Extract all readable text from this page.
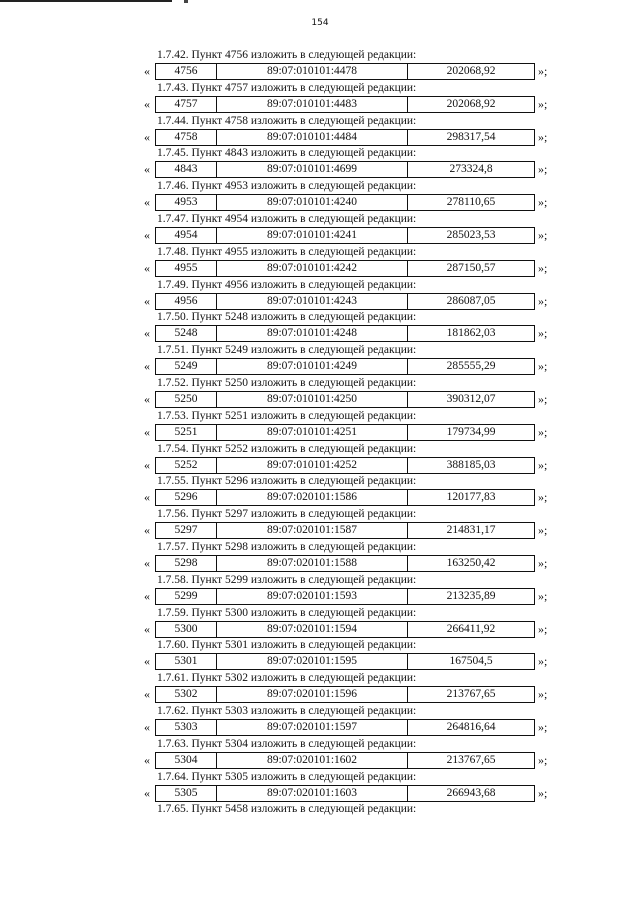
154
1.7.42. Пункт 4756 изложить в следующей редакции:
«	4756	89:07:010101:4478	202068,92	»;
1.7.43. Пункт 4757 изложить в следующей редакции:
«	4757	89:07:010101:4483	202068,92	»;
1.7.44. Пункт 4758 изложить в следующей редакции:
«	4758	89:07:010101:4484	298317,54	»;
1.7.45. Пункт 4843 изложить в следующей редакции:
«	4843	89:07:010101:4699	273324,8	»;
1.7.46. Пункт 4953 изложить в следующей редакции:
«	4953	89:07:010101:4240	278110,65	»;
1.7.47. Пункт 4954 изложить в следующей редакции:
«	4954	89:07:010101:4241	285023,53	»;
1.7.48. Пункт 4955 изложить в следующей редакции:
«	4955	89:07:010101:4242	287150,57	»;
1.7.49. Пункт 4956 изложить в следующей редакции:
«	4956	89:07:010101:4243	286087,05	»;
1.7.50. Пункт 5248 изложить в следующей редакции:
«	5248	89:07:010101:4248	181862,03	»;
1.7.51. Пункт 5249 изложить в следующей редакции:
«	5249	89:07:010101:4249	285555,29	»;
1.7.52. Пункт 5250 изложить в следующей редакции:
«	5250	89:07:010101:4250	390312,07	»;
1.7.53. Пункт 5251 изложить в следующей редакции:
«	5251	89:07:010101:4251	179734,99	»;
1.7.54. Пункт 5252 изложить в следующей редакции:
«	5252	89:07:010101:4252	388185,03	»;
1.7.55. Пункт 5296 изложить в следующей редакции:
«	5296	89:07:020101:1586	120177,83	»;
1.7.56. Пункт 5297 изложить в следующей редакции:
«	5297	89:07:020101:1587	214831,17	»;
1.7.57. Пункт 5298 изложить в следующей редакции:
«	5298	89:07:020101:1588	163250,42	»;
1.7.58. Пункт 5299 изложить в следующей редакции:
«	5299	89:07:020101:1593	213235,89	»;
1.7.59. Пункт 5300 изложить в следующей редакции:
«	5300	89:07:020101:1594	266411,92	»;
1.7.60. Пункт 5301 изложить в следующей редакции:
«	5301	89:07:020101:1595	167504,5	»;
1.7.61. Пункт 5302 изложить в следующей редакции:
«	5302	89:07:020101:1596	213767,65	»;
1.7.62. Пункт 5303 изложить в следующей редакции:
«	5303	89:07:020101:1597	264816,64	»;
1.7.63. Пункт 5304 изложить в следующей редакции:
«	5304	89:07:020101:1602	213767,65	»;
1.7.64. Пункт 5305 изложить в следующей редакции:
«	5305	89:07:020101:1603	266943,68	»;
1.7.65. Пункт 5458 изложить в следующей редакции:
